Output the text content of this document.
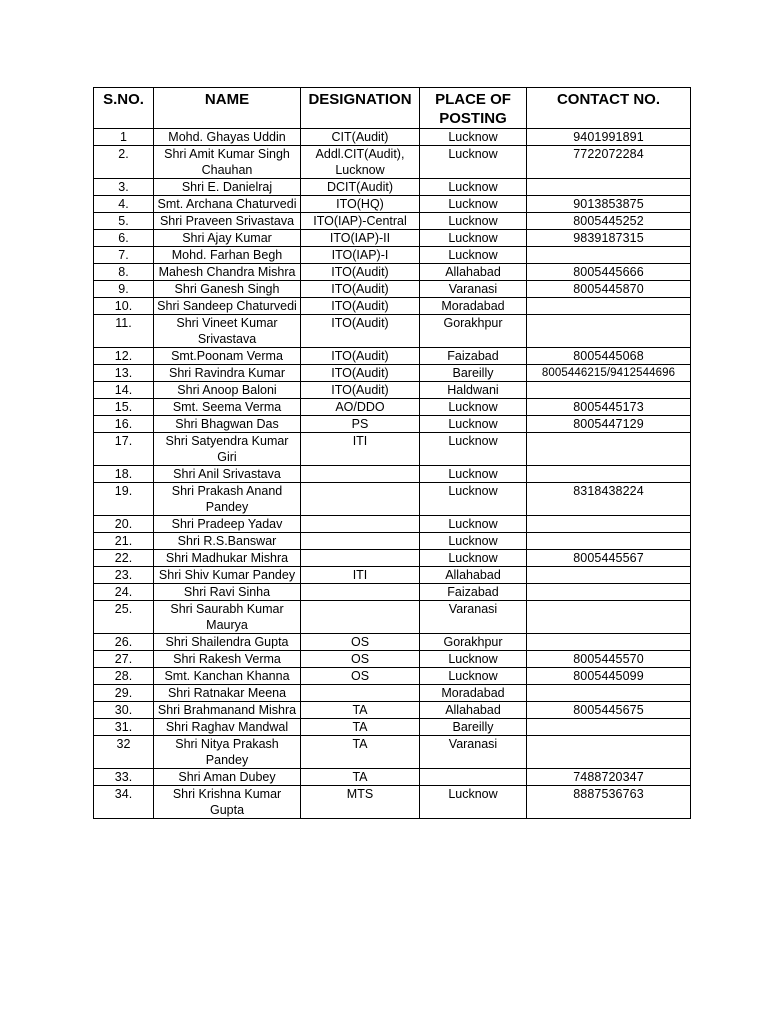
S.NO.	NAME	DESIGNATION	PLACE OF POSTING	CONTACT NO.
1	Mohd. Ghayas Uddin	CIT(Audit)	Lucknow	9401991891
2.	Shri Amit Kumar Singh Chauhan	Addl.CIT(Audit), Lucknow	Lucknow	7722072284
3.	Shri E. Danielraj	DCIT(Audit)	Lucknow	
4.	Smt. Archana Chaturvedi	ITO(HQ)	Lucknow	9013853875
5.	Shri Praveen Srivastava	ITO(IAP)-Central	Lucknow	8005445252
6.	Shri Ajay Kumar	ITO(IAP)-II	Lucknow	9839187315
7.	Mohd. Farhan Begh	ITO(IAP)-I	Lucknow	
8.	Mahesh Chandra Mishra	ITO(Audit)	Allahabad	8005445666
9.	Shri Ganesh Singh	ITO(Audit)	Varanasi	8005445870
10.	Shri Sandeep Chaturvedi	ITO(Audit)	Moradabad	
11.	Shri Vineet Kumar Srivastava	ITO(Audit)	Gorakhpur	
12.	Smt.Poonam Verma	ITO(Audit)	Faizabad	8005445068
13.	Shri Ravindra Kumar	ITO(Audit)	Bareilly	8005446215/9412544696
14.	Shri Anoop Baloni	ITO(Audit)	Haldwani	
15.	Smt. Seema Verma	AO/DDO	Lucknow	8005445173
16.	Shri Bhagwan Das	PS	Lucknow	8005447129
17.	Shri Satyendra Kumar Giri	ITI	Lucknow	
18.	Shri Anil Srivastava		Lucknow	
19.	Shri Prakash Anand Pandey		Lucknow	8318438224
20.	Shri Pradeep Yadav		Lucknow	
21.	Shri R.S.Banswar		Lucknow	
22.	Shri Madhukar Mishra		Lucknow	8005445567
23.	Shri Shiv Kumar Pandey	ITI	Allahabad	
24.	Shri Ravi Sinha		Faizabad	
25.	Shri Saurabh Kumar Maurya		Varanasi	
26.	Shri Shailendra Gupta	OS	Gorakhpur	
27.	Shri Rakesh Verma	OS	Lucknow	8005445570
28.	Smt. Kanchan Khanna	OS	Lucknow	8005445099
29.	Shri Ratnakar Meena		Moradabad	
30.	Shri Brahmanand Mishra	TA	Allahabad	8005445675
31.	Shri Raghav Mandwal	TA	Bareilly	
32	Shri Nitya Prakash Pandey	TA	Varanasi	
33.	Shri Aman Dubey	TA		7488720347
34.	Shri Krishna Kumar Gupta	MTS	Lucknow	8887536763
